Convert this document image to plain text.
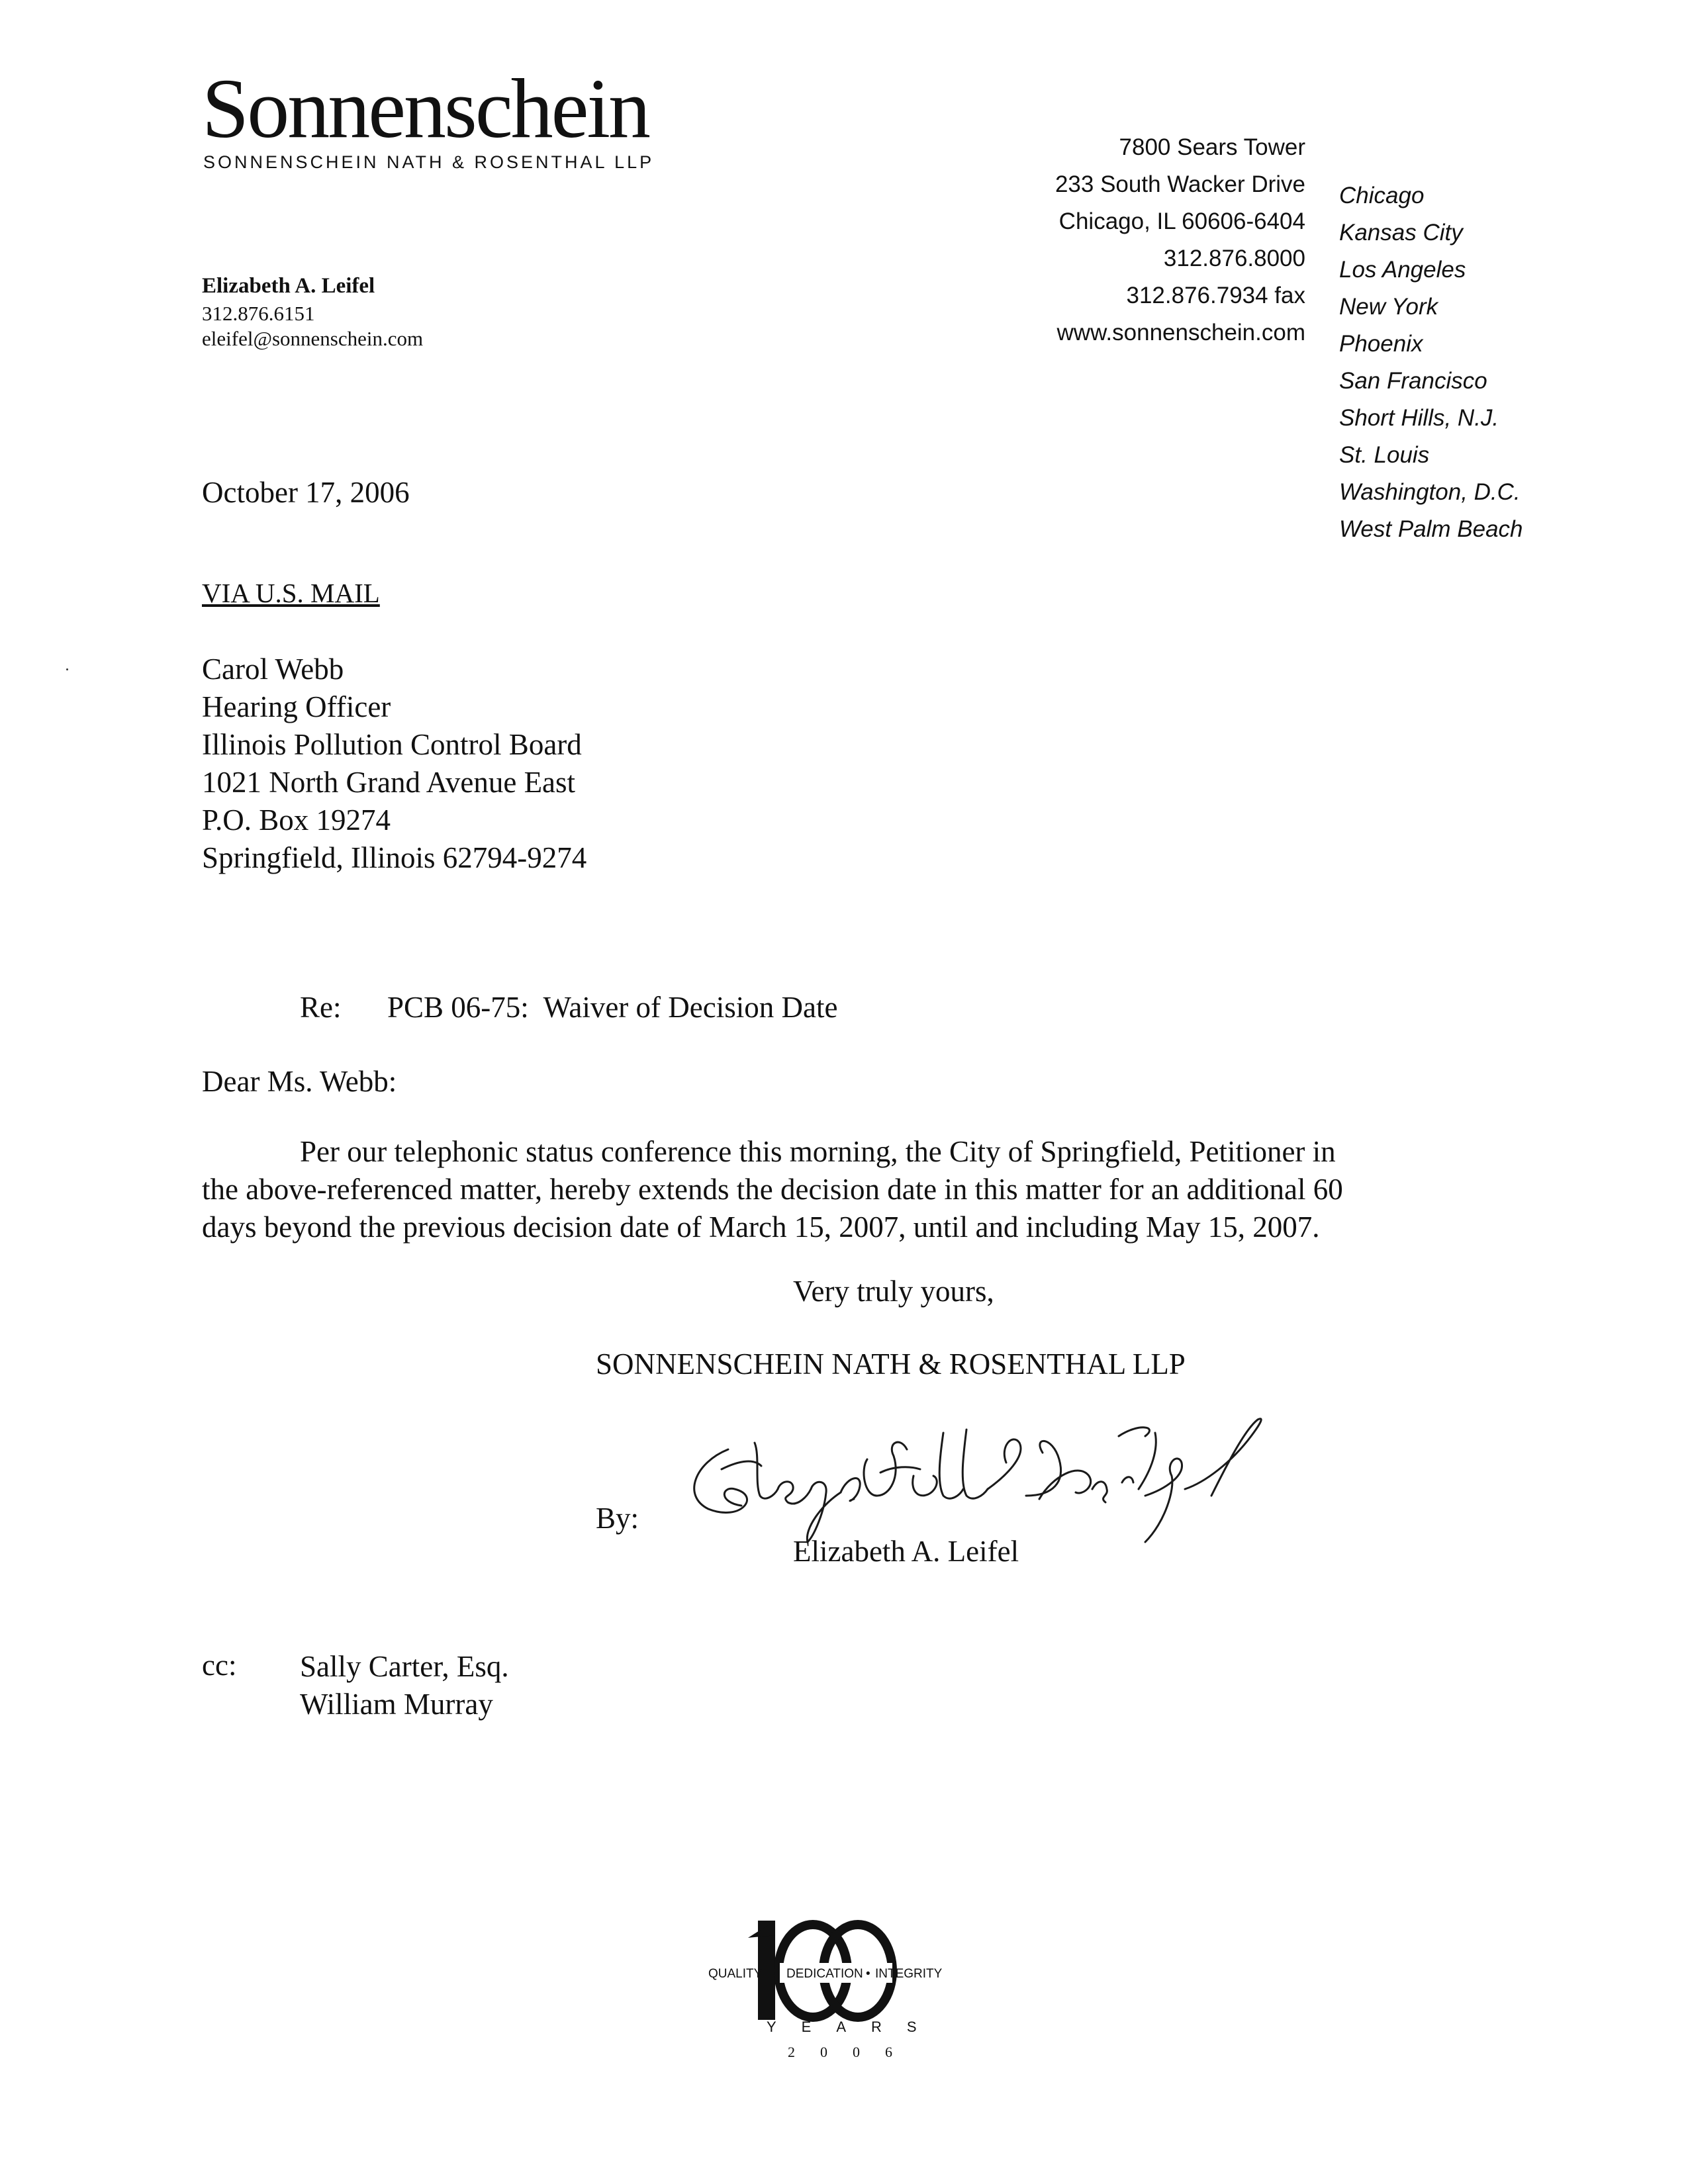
Sonnenschein
SONNENSCHEIN NATH & ROSENTHAL LLP
Elizabeth A. Leifel
312.876.6151
eleifel@sonnenschein.com
7800 Sears Tower
233 South Wacker Drive
Chicago, IL 60606-6404
312.876.8000
312.876.7934 fax
www.sonnenschein.com
Chicago
Kansas City
Los Angeles
New York
Phoenix
San Francisco
Short Hills, N.J.
St. Louis
Washington, D.C.
West Palm Beach
October 17, 2006
VIA U.S. MAIL
Carol Webb
Hearing Officer
Illinois Pollution Control Board
1021 North Grand Avenue East
P.O. Box 19274
Springfield, Illinois 62794-9274
Re: PCB 06-75:  Waiver of Decision Date
Dear Ms. Webb:
Per our telephonic status conference this morning, the City of Springfield, Petitioner in
the above-referenced matter, hereby extends the decision date in this matter for an additional 60
days beyond the previous decision date of March 15, 2007, until and including May 15, 2007.
Very truly yours,
SONNENSCHEIN NATH & ROSENTHAL LLP
By:
Elizabeth A. Leifel
cc: Sally Carter, Esq.
William Murray
QUALITY DEDICATION • INTEGRITY
YEARS
2006
